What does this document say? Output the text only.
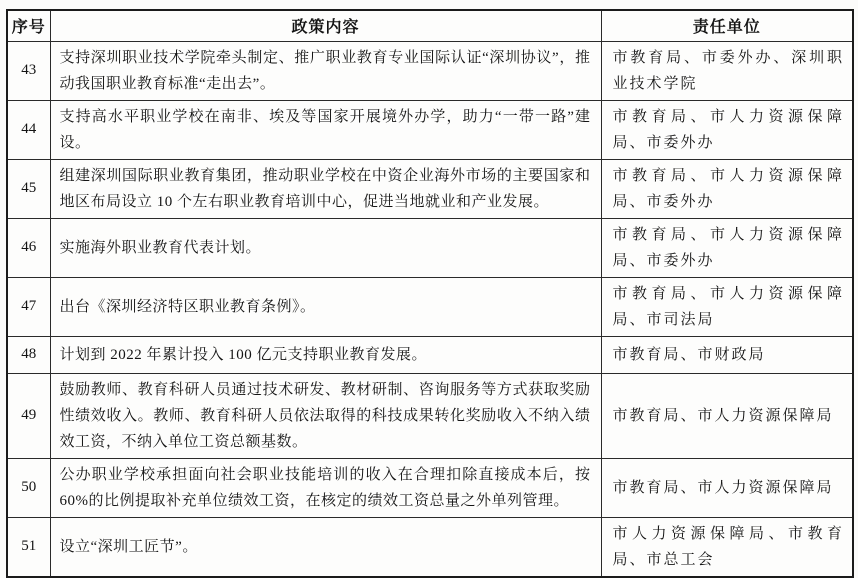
序号	政策内容	责任单位
43	支持深圳职业技术学院牵头制定、推广职业教育专业国际认证“深圳协议”，推动我国职业教育标准“走出去”。	市教育局、市委外办、深圳职业技术学院
44	支持高水平职业学校在南非、埃及等国家开展境外办学，助力“一带一路”建设。	市教育局、市人力资源保障局、市委外办
45	组建深圳国际职业教育集团，推动职业学校在中资企业海外市场的主要国家和地区布局设立 10 个左右职业教育培训中心，促进当地就业和产业发展。	市教育局、市人力资源保障局、市委外办
46	实施海外职业教育代表计划。	市教育局、市人力资源保障局、市委外办
47	出台《深圳经济特区职业教育条例》。	市教育局、市人力资源保障局、市司法局
48	计划到 2022 年累计投入 100 亿元支持职业教育发展。	市教育局、市财政局
49	鼓励教师、教育科研人员通过技术研发、教材研制、咨询服务等方式获取奖励性绩效收入。教师、教育科研人员依法取得的科技成果转化奖励收入不纳入绩效工资，不纳入单位工资总额基数。	市教育局、市人力资源保障局
50	公办职业学校承担面向社会职业技能培训的收入在合理扣除直接成本后，按 60%的比例提取补充单位绩效工资，在核定的绩效工资总量之外单列管理。	市教育局、市人力资源保障局
51	设立“深圳工匠节”。	市人力资源保障局、市教育局、市总工会
